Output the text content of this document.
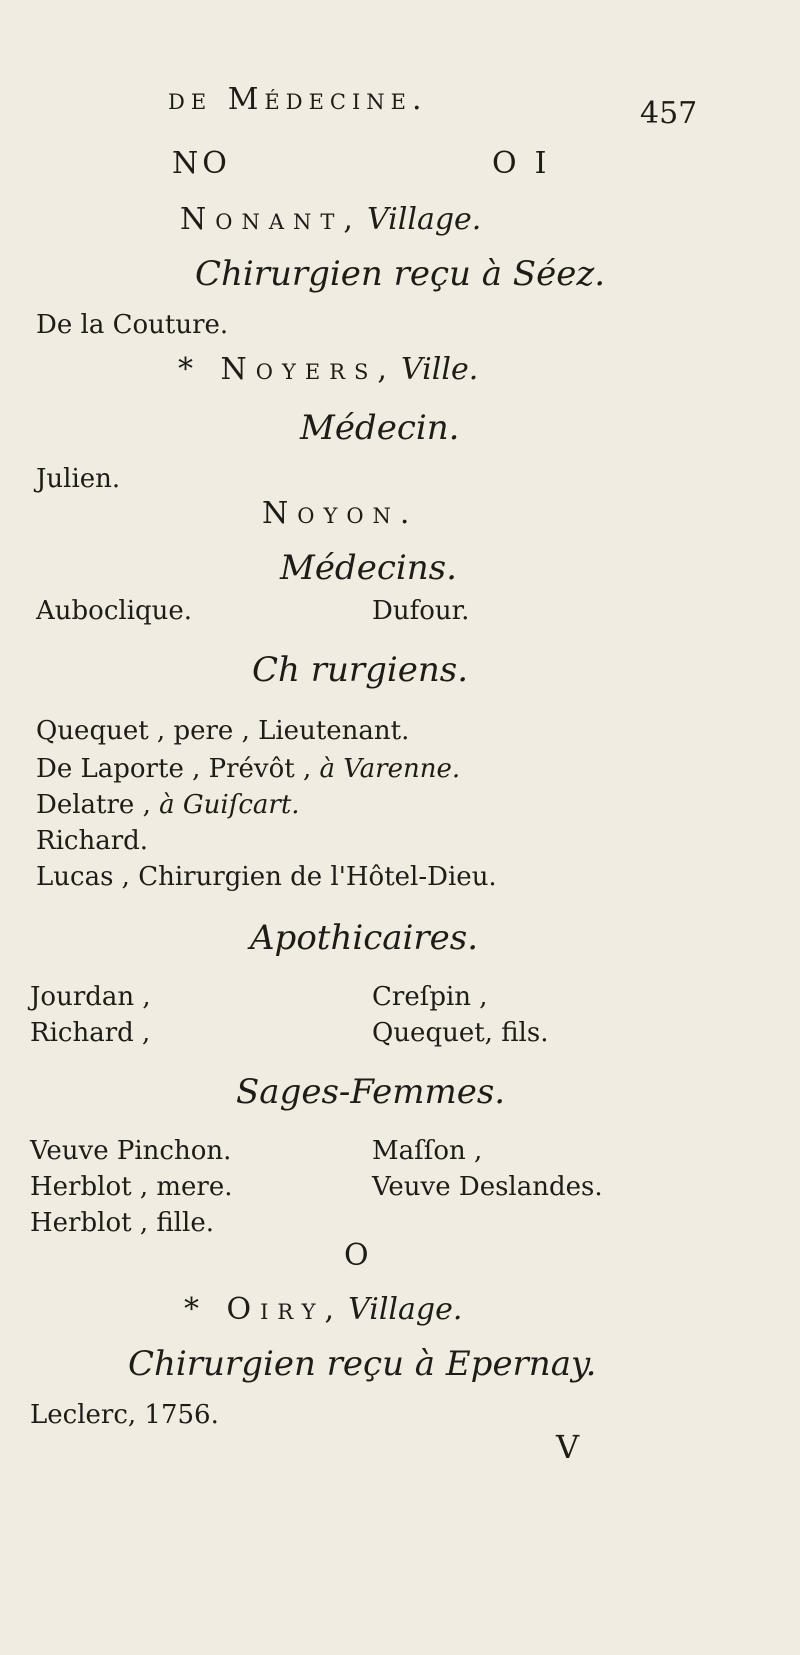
de Médecine.	457
NO	OI
Nonant, Village.
Chirurgien reçu à Séez.
De la Couture.
* Noyers, Ville.
Médecin.
Julien.
Noyon.
Médecins.
Auboclique.	Dufour.
Ch rurgiens.
Quequet , pere , Lieutenant.
De Laporte , Prévôt , à Varenne.
Delatre , à Guiſcart.
Richard.
Lucas , Chirurgien de l'Hôtel-Dieu.
Apothicaires.
Jourdan ,	Creſpin ,
Richard ,	Quequet, fils.
Sages-Femmes.
Veuve Pinchon.	Maſſon ,
Herblot , mere.	Veuve Deslandes.
Herblot , fille.
O
* Oiry, Village.
Chirurgien reçu à Epernay.
Leclerc, 1756.
V
